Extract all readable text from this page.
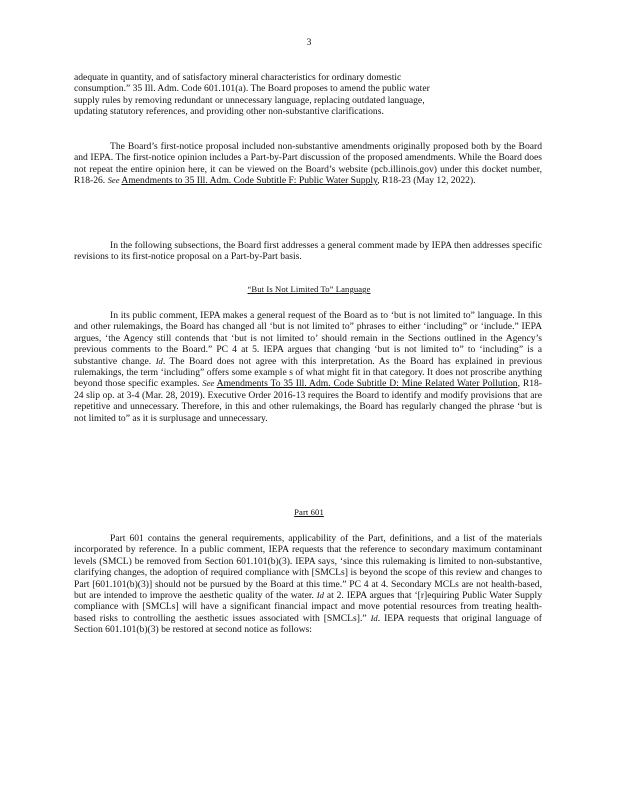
3

adequate in quantity, and of satisfactory mineral characteristics for ordinary domestic

consumption.” 35 Ill. Adm. Code 601.101(a). The Board proposes to amend the public water

supply rules by removing redundant or unnecessary language, replacing outdated language,

updating statutory references, and providing other non-substantive clarifications.

The Board’s first-notice proposal included non-substantive amendments originally proposed both by the Board and IEPA. The first-notice opinion includes a Part-by-Part discussion of the proposed amendments. While the Board does not repeat the entire opinion here, it can be viewed on the Board’s website (pcb.illinois.gov) under this docket number, R18-26. See Amendments to 35 Ill. Adm. Code Subtitle F: Public Water Supply, R18-23 (May 12, 2022).

In the following subsections, the Board first addresses a general comment made by IEPA then addresses specific revisions to its first-notice proposal on a Part-by-Part basis.

“But Is Not Limited To” Language

In its public comment, IEPA makes a general request of the Board as to ‘but is not limited to” language. In this and other rulemakings, the Board has changed all ‘but is not limited to” phrases to either ‘including” or ‘include.” IEPA argues, ‘the Agency still contends that ‘but is not limited to’ should remain in the Sections outlined in the Agency’s previous comments to the Board.” PC 4 at 5. IEPA argues that changing ‘but is not limited to” to ‘including” is a substantive change. Id. The Board does not agree with this interpretation. As the Board has explained in previous rulemakings, the term ‘including” offers some example s of what might fit in that category. It does not proscribe anything beyond those specific examples. See Amendments To 35 Ill. Adm. Code Subtitle D: Mine Related Water Pollution, R18-24 slip op. at 3-4 (Mar. 28, 2019). Executive Order 2016-13 requires the Board to identify and modify provisions that are repetitive and unnecessary. Therefore, in this and other rulemakings, the Board has regularly changed the phrase ‘but is not limited to” as it is surplusage and unnecessary.

Part 601

Part 601 contains the general requirements, applicability of the Part, definitions, and a list of the materials incorporated by reference. In a public comment, IEPA requests that the reference to secondary maximum contaminant levels (SMCL) be removed from Section 601.101(b)(3). IEPA says, ‘since this rulemaking is limited to non-substantive, clarifying changes, the adoption of required compliance with [SMCLs] is beyond the scope of this review and changes to Part [601.101(b)(3)] should not be pursued by the Board at this time.” PC 4 at 4. Secondary MCLs are not health-based, but are intended to improve the aesthetic quality of the water. Id at 2. IEPA argues that ‘[r]equiring Public Water Supply compliance with [SMCLs] will have a significant financial impact and move potential resources from treating health-based risks to controlling the aesthetic issues associated with [SMCLs].” Id. IEPA requests that original language of Section 601.101(b)(3) be restored at second notice as follows:
